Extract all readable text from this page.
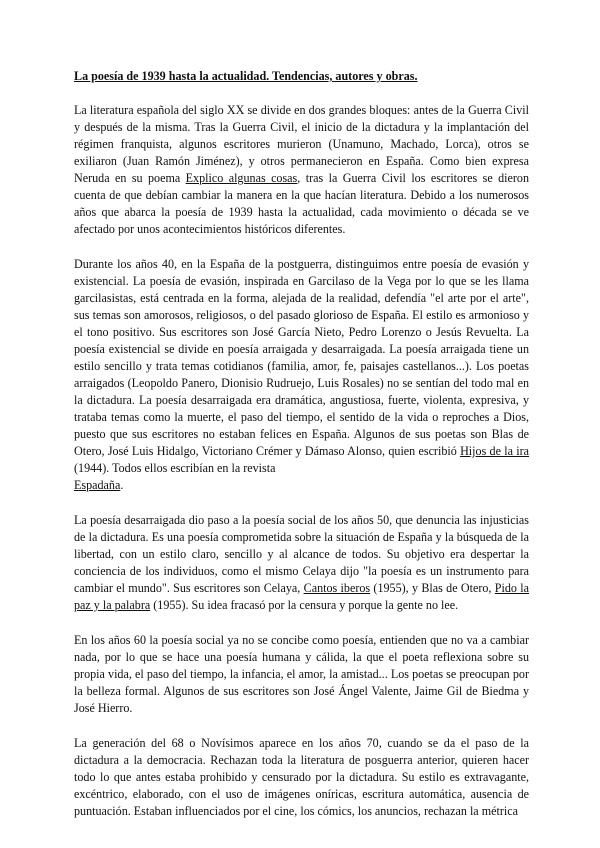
La poesía de 1939 hasta la actualidad. Tendencias, autores y obras.

La literatura española del siglo XX se divide en dos grandes bloques: antes de la Guerra Civil y después de la misma. Tras la Guerra Civil, el inicio de la dictadura y la implantación del régimen franquista, algunos escritores murieron (Unamuno, Machado, Lorca), otros se exiliaron (Juan Ramón Jiménez), y otros permanecieron en España. Como bien expresa Neruda en su poema Explico algunas cosas, tras la Guerra Civil los escritores se dieron cuenta de que debían cambiar la manera en la que hacían literatura. Debido a los numerosos años que abarca la poesía de 1939 hasta la actualidad, cada movimiento o década se ve afectado por unos acontecimientos históricos diferentes.

Durante los años 40, en la España de la postguerra, distinguimos entre poesía de evasión y existencial. La poesía de evasión, inspirada en Garcilaso de la Vega por lo que se les llama garcilasistas, está centrada en la forma, alejada de la realidad, defendía "el arte por el arte", sus temas son amorosos, religiosos, o del pasado glorioso de España. El estilo es armonioso y el tono positivo. Sus escritores son José García Nieto, Pedro Lorenzo o Jesús Revuelta. La poesía existencial se divide en poesía arraigada y desarraigada. La poesía arraigada tiene un estilo sencillo y trata temas cotidianos (familia, amor, fe, paisajes castellanos...). Los poetas arraigados (Leopoldo Panero, Dionisio Rudruejo, Luis Rosales) no se sentían del todo mal en la dictadura. La poesía desarraigada era dramática, angustiosa, fuerte, violenta, expresiva, y trataba temas como la muerte, el paso del tiempo, el sentido de la vida o reproches a Dios, puesto que sus escritores no estaban felices en España. Algunos de sus poetas son Blas de Otero, José Luis Hidalgo, Victoriano Crémer y Dámaso Alonso, quien escribió Hijos de la ira (1944). Todos ellos escribían en la revista
Espadaña.

La poesía desarraigada dio paso a la poesía social de los años 50, que denuncia las injusticias de la dictadura. Es una poesía comprometida sobre la situación de España y la búsqueda de la libertad, con un estilo claro, sencillo y al alcance de todos. Su objetivo era despertar la conciencia de los individuos, como el mismo Celaya dijo "la poesía es un instrumento para cambiar el mundo". Sus escritores son Celaya, Cantos iberos (1955), y Blas de Otero, Pido la paz y la palabra (1955). Su idea fracasó por la censura y porque la gente no lee.

En los años 60 la poesía social ya no se concibe como poesía, entienden que no va a cambiar nada, por lo que se hace una poesía humana y cálida, la que el poeta reflexiona sobre su propia vida, el paso del tiempo, la infancia, el amor, la amistad... Los poetas se preocupan por la belleza formal. Algunos de sus escritores son José Ángel Valente, Jaime Gil de Biedma y José Hierro.

La generación del 68 o Novísimos aparece en los años 70, cuando se da el paso de la dictadura a la democracia. Rechazan toda la literatura de posguerra anterior, quieren hacer todo lo que antes estaba prohibido y censurado por la dictadura. Su estilo es extravagante, excéntrico, elaborado, con el uso de imágenes oníricas, escritura automática, ausencia de puntuación. Estaban influenciados por el cine, los cómics, los anuncios, rechazan la métrica
